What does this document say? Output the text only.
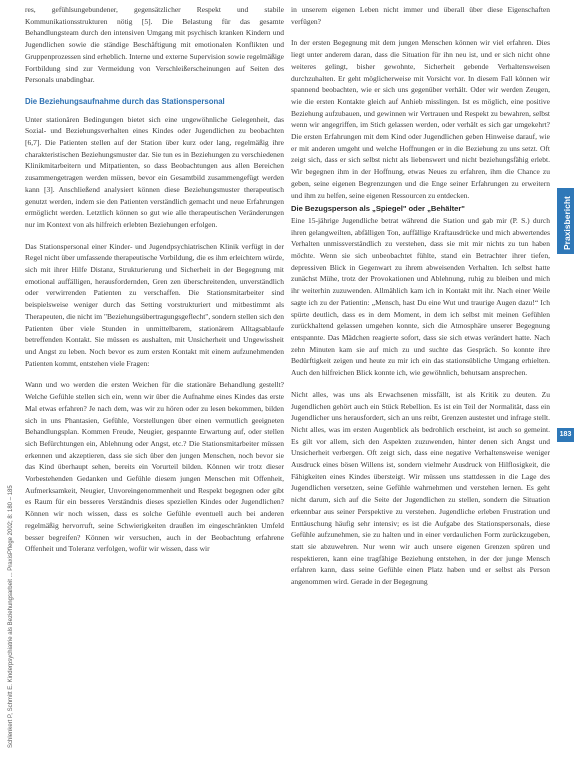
res, gefühlsungebundener, gegensätzlicher Respekt und stabile Kommunikationsstrukturen nötig [5]. Die Belastung für das gesamte Behandlungsteam durch den intensiven Umgang mit psychisch kranken Kindern und Jugendlichen sowie die ständige Beschäftigung mit emotionalen Konflikten und Gruppenprozessen sind erheblich. Interne und externe Supervision sowie regelmäßige Fortbildung sind zur Vermeidung von Verschleißerscheinungen auf Seiten des Personals unabdingbar.

Die Beziehungsaufnahme durch das Stationspersonal

Unter stationären Bedingungen bietet sich eine ungewöhnliche Gelegenheit, das Sozial- und Beziehungsverhalten eines Kindes oder Jugendlichen zu beobachten [6,7]. Die Patienten stellen auf der Station über kurz oder lang, regelmäßig ihre charakteristischen Beziehungsmuster dar. Sie tun es in Beziehungen zu verschiedenen Klinikmitarbeitern und Mitpatienten, so dass Beobachtungen aus allen Bereichen zusammengetragen werden müssen, bevor ein Gesamtbild zusammengefügt werden kann [3]. Anschließend analysiert können diese Beziehungsmuster therapeutisch genutzt werden, indem sie den Patienten verständlich gemacht und neue Erfahrungen ermöglicht werden. Letztlich können so gut wie alle therapeutischen Veränderungen nur im Kontext von als hilfreich erlebten Beziehungen erfolgen.

Das Stationspersonal einer Kinder- und Jugendpsychiatrischen Klinik verfügt in der Regel nicht über umfassende therapeutische Vorbildung, die es ihm erleichtern würde, sich mit ihrer Hilfe Distanz, Strukturierung und Sicherheit in der Begegnung mit emotional auffälligen, herausfordernden, Gren zen überschreitenden, unverständlich oder verwirrenden Patienten zu verschaffen. Die Stationsmitarbeiter sind beispielsweise weniger durch das Setting vorstrukturiert und mitbestimmt als Therapeuten, die nicht im "Beziehungsübertragungsgeflecht", sondern stellen sich den Patienten über viele Stunden in unmittelbarem, stationärem Alltagsablaufe betreffenden Kontakt. Sie müssen es aushalten, mit Unsicherheit und Ungewissheit und Angst zu leben. Noch bevor es zum ersten Kontakt mit einem aufzunehmenden Patienten kommt, entstehen viele Fragen:

Wann und wo werden die ersten Weichen für die stationäre Behandlung gestellt? Welche Gefühle stellen sich ein, wenn wir über die Aufnahme eines Kindes das erste Mal etwas erfahren? Je nach dem, was wir zu hören oder zu lesen bekommen, bilden sich in uns Phantasien, Gefühle, Vorstellungen über einen vermutlich geeigneten Behandlungsplan. Kommen Freude, Neugier, gespannte Erwartung auf, oder stellen sich Befürchtungen ein, Ablehnung oder Angst, etc.? Die Stationsmitarbeiter müssen erkennen und akzeptieren, dass sie sich über den jungen Menschen, noch bevor sie das Kind überhaupt sehen, bereits ein Vorurteil bilden. Können wir trotz dieser Vorbestehenden Gedanken und Gefühle diesem jungen Menschen mit Offenheit, Aufmerksamkeit, Neugier, Unvoreingenommenheit und Respekt begegnen oder gibt es Raum für ein besseres Verständnis dieses speziellen Kindes oder Jugendlichen? Können wir noch wissen, dass es solche Gefühle eventuell auch bei anderen regelmäßig hervorruft, seine Schwierigkeiten draußen im eingeschränkten Umfeld besser begreifen? Können wir versuchen, auch in der Beobachtung erfahrene Offenheit und Toleranz verfolgen, wofür wir wissen, dass wir

in unserem eigenen Leben nicht immer und überall über diese Eigenschaften verfügen?

In der ersten Begegnung mit dem jungen Menschen können wir viel erfahren. Dies liegt unter anderem daran, dass die Situation für ihn neu ist, und er sich nicht ohne weiteres gelingt, bisher gewohnte, Sicherheit gebende Verhaltensweisen durchzuhalten. Er geht möglicherweise mit Vorsicht vor. In diesem Fall können wir spannend beobachten, wie er sich uns gegenüber verhält. Oder wir werden Zeugen, wie die ersten Kontakte gleich auf Anhieb misslingen. Ist es möglich, eine positive Beziehung aufzubauen, und gewinnen wir Vertrauen und Respekt zu bewahren, selbst wenn wir angegriffen, im Stich gelassen werden, oder verhält es sich gar umgekehrt? Die ersten Erfahrungen mit dem Kind oder Jugendlichen geben Hinweise darauf, wie er mit anderen umgeht und welche Hoffnungen er in die Beziehung zu uns setzt. Oft zeigt sich, dass er sich selbst nicht als liebenswert und nicht beziehungsfähig erlebt. Wir begegnen ihm in der Hoffnung, etwas Neues zu erfahren, ihm die Chance zu geben, seine eigenen Begrenzungen und die Enge seiner Erfahrungen zu erweitern und ihm zu helfen, seine eigenen Ressourcen zu entdecken.

Die Bezugsperson als „Spiegel" oder „Behälter"

Eine 15-jährige Jugendliche betrat während die Station und gab mir (P. S.) durch ihren gelangweilten, abfälligen Ton, auffällige Kraftausdrücke und mich abwertendes Verhalten unmissverständlich zu verstehen, dass sie mit mir nichts zu tun haben möchte. Wenn sie sich unbeobachtet fühlte, stand ein Betrachter ihrer tiefen, depressiven Blick in Gegenwart zu ihrem abweisenden Verhalten. Ich selbst hatte zunächst Mühe, trotz der Provokationen und Ablehnung, ruhig zu bleiben und mich ihr weiterhin zuzuwenden. Allmählich kam ich in Kontakt mit ihr. Nach einer Weile sagte ich zu der Patientin: „Mensch, hast Du eine Wut und traurige Augen dazu!“ Ich spürte deutlich, dass es in dem Moment, in dem ich selbst mit meinen Gefühlen zurückhaltend gelassen umgehen konnte, sich die Atmosphäre unserer Begegnung entspannte. Das Mädchen reagierte sofort, dass sie sich etwas verändert hatte. Nach zehn Minuten kam sie auf mich zu und suchte das Gespräch. So konnte ihre Bedürftigkeit zeigen und heute zu mir ich ein das stationsübliche Umgang erhielten. Auch den hilfreichen Blick konnte ich, wie gewöhnlich, behutsam ansprechen.

Nicht alles, was uns als Erwachsenen missfällt, ist als Kritik zu deuten. Zu Jugendlichen gehört auch ein Stück Rebellion. Es ist ein Teil der Normalität, dass ein Jugendlicher uns herausfordert, sich an uns reibt, Grenzen austestet und infrage stellt. Nicht alles, was im ersten Augenblick als bedrohlich erscheint, ist auch so gemeint. Es gilt vor allem, sich den Aspekten zuzuwenden, hinter denen sich Angst und Unsicherheit verbergen. Oft zeigt sich, dass eine negative Verhaltensweise weniger Ausdruck eines bösen Willens ist, sondern vielmehr Ausdruck von Hilflosigkeit, die Fähigkeiten eines Kindes übersteigt. Wir müssen uns stattdessen in die Lage des Jugendlichen versetzen, seine Gefühle wahrnehmen und verstehen lernen. Es geht nicht darum, sich auf die Seite der Jugendlichen zu stellen, sondern die Situation erkennbar aus seiner Perspektive zu verstehen. Jugendliche erleben Frustration und Enttäuschung häufig sehr intensiv; es ist die Aufgabe des Stationspersonals, diese Gefühle aufzunehmen, sie zu halten und in einer verdaulichen Form zurückzugeben, statt sie abzuwehren. Nur wenn wir auch unsere eigenen Grenzen spüren und respektieren, kann eine tragfähige Beziehung entstehen, in der der junge Mensch erfahren kann, dass seine Gefühle einen Platz haben und er selbst als Person angenommen wird. Gerade in der Begegnung

Praxisbericht
183
Schlenkert P, Schmitt E. Kinderpsychiatrie als Beziehungsarbeit ... PraxisPflege 2002; 8: 180 – 185
